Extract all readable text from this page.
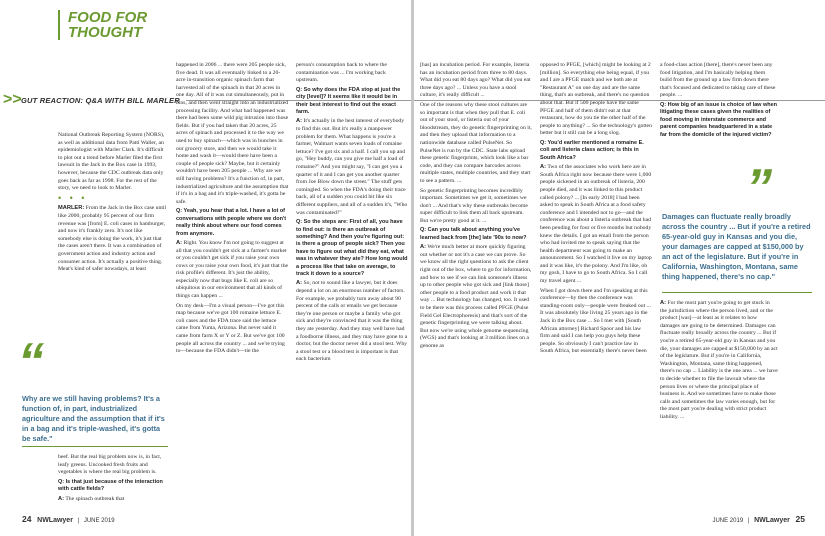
FOOD FOR
THOUGHT
>> GUT REACTION: Q&A WITH BILL MARLER

National Outbreak Reporting System (NORS), as well as additional data from Patti Waller, an epidemiologist with Marler Clark. It's difficult to plot out a trend before Marler filed the first lawsuit in the Jack in the Box case in 1993, however, because the CDC outbreak data only goes back as far as 1998. For the rest of the story, we need to look to Marler.

• • •

MARLER: From the Jack in the Box case until like 2000, probably 95 percent of our firm revenue was [from] E. coli cases in hamburger, and now it's frankly zero. It's not like somebody else is doing the work, it's just that the cases aren't there. It was a combination of government action and industry action and consumer action. It's actually a positive thing. Meat's kind of safer nowadays, at least

“
Why are we still having problems? It's a function of, in part, industrialized agriculture and the assumption that if it's in a bag and it's triple-washed, it's gotta be safe."

beef. But the real big problem now is, in fact, leafy greens. Uncooked fresh fruits and vegetables is where the real big problem is.

Q: Is that just because of the interaction with cattle fields?

A: The spinach outbreak that

happened in 2006 ... there were 205 people sick, five dead. It was all eventually linked to a 20-acre in-transition organic spinach farm that harvested all of the spinach in that 20 acres in one day. All of it was cut simultaneously, put in bins, and then went straight into an industrialized processing facility. And what had happened was there had been some wild pig intrusion into those fields. But if you had taken that 20 acres, 25 acres of spinach and processed it to the way we used to buy spinach—which was in bunches in our grocery store, and then we would take it home and wash it—would there have been a couple of people sick? Maybe, but it certainly wouldn't have been 205 people ... Why are we still having problems? It's a function of, in part, industrialized agriculture and the assumption that if it's in a bag and it's triple-washed, it's gotta be safe.

Q: Yeah, you hear that a lot. I have a lot of conversations with people where we don't really think about where our food comes from anymore.

A: Right. You know I'm not going to suggest at all that you couldn't get sick at a farmer's market or you couldn't get sick if you raise your own cows or you raise your own food, it's just that the risk profile's different. It's just the ability, especially now that bugs like E. coli are so ubiquitous in our environment that all kinds of things can happen ...

On my desk—I'm a visual person—I've got this map because we've got 100 romaine lettuce E. coli cases and the FDA trace said the lettuce came from Yuma, Arizona. But never said it came from farm X or Y or Z. But we've got 100 people all across the country ... and we're trying to—because the FDA didn't—tie the

person's consumption back to where the contamination was ... I'm working back upstream.

Q: So why does the FDA stop at just the city [level]? It seems like it would be in their best interest to find out the exact farm.

A: It's actually in the best interest of everybody to find this out. But it's really a manpower problem for them. What happens is you're a farmer, Walmart wants seven loads of romaine lettuce? I've got six and a half. I call you up and go, "Hey buddy, can you give me half a load of romaine?" And you might say, "I can get you a quarter of it and I can get you another quarter from Joe Blow down the street." The stuff gets comingled. So when the FDA's doing their trace back, all of a sudden you could hit like six different suppliers, and all of a sudden it's, "Who was contaminated?"

Q: So the steps are: First of all, you have to find out: is there an outbreak of something? And then you're figuring out: is there a group of people sick? Then you have to figure out what did they eat, what was in whatever they ate? How long would a process like that take on average, to track it down to a source?

A: So, not to sound like a lawyer, but it does depend a lot on an enormous number of factors. For example, we probably turn away about 90 percent of the calls or emails we get because they're one person or maybe a family who got sick and they're convinced that it was the thing they ate yesterday. And they may well have had a foodborne illness, and they may have gone to a doctor, but the doctor never did a stool test. Why a stool test or a blood test is important is that each bacterium

24 NWLawyer | JUNE 2019

[has] an incubation period. For example, listeria has an incubation period from three to 80 days. What did you eat 80 days ago? What did you eat three days ago? ... Unless you have a stool culture, it's really difficult ...

One of the reasons why these stool cultures are so important is that when they pull that E. coli out of your stool, or listeria out of your bloodstream, they do genetic fingerprinting on it, and then they upload that information to a nationwide database called PulseNet. So PulseNet is run by the CDC. State labs upload these genetic fingerprints, which look like a bar code, and they can compare barcodes across multiple states, multiple countries, and they start to see a pattern. ...

So genetic fingerprinting becomes incredibly important. Sometimes we get it, sometimes we don't ... And that's why these outbreaks become super difficult to link them all back upstream. But we're pretty good at it. ...

Q: Can you talk about anything you've learned back from [the] late '90s to now?

A: We're much better at more quickly figuring out whether or not it's a case we can prove. So we know all the right questions to ask the client right out of the box, where to go for information, and how to see if we can link someone's illness up to other people who got sick and [link those] other people to a food product and work it that way ... But technology has changed, too. It used to be there was this process called PFGE (Pulse Field Gel Electrophoresis) and that's sort of the genetic fingerprinting we were talking about. But now we're using whole genome sequencing (WGS) and that's looking at 3 million lines on a genome as

opposed to PFGE, [which] might be looking at 2 [million]. So everything else being equal, if you and I are a PFGE match and we both ate at "Restaurant A" on one day and are the same thing, that's an outbreak, and there's no question about that. But if 500 people have the same PFGE and half of them didn't eat at that restaurant, how do you tie the other half of the people to anything? ... So the technology's gotten better but it still can be a long slog.

Q: You'd earlier mentioned a romaine E. coli and listeria class action; is this in South Africa?

A: Two of the associates who work here are in South Africa right now because there were 1,000 people sickened in an outbreak of listeria, 200 people died, and it was linked to this product called polony? ... [In early 2018] I had been asked to speak in South Africa at a food safety conference and I intended not to go—and the conference was about a listeria outbreak that had been pending for four or five months but nobody knew the details. I got an email from the person who had invited me to speak saying that the health department was going to make an announcement. So I watched it live on my laptop and it was like, it's the polony. And I'm like, oh my gosh, I have to go to South Africa. So I call my travel agent ...

When I got down there and I'm speaking at this conference—by then the conference was standing-room only—people were freaked out ... It was absolutely like living 25 years ago in the Jack in the Box case ... So I met with [South African attorney] Richard Spoor and his law firm and said I can help you guys help these people. So obviously I can't practice law in South Africa, but essentially there's never been

a food-class action [there], there's never been any food litigation, and I'm basically helping them build from the ground up a law firm down there that's focused and dedicated to taking care of these people. ...

Q: How big of an issue is choice of law when litigating these cases given the realities of food moving in interstate commerce and parent companies headquartered in a state far from the domicile of the injured victim?

”
Damages can fluctuate really broadly across the country ... But if you're a retired 65-year-old guy in Kansas and you die, your damages are capped at $150,000 by an act of the legislature. But if you're in California, Washington, Montana, same thing happened, there's no cap."

A: For the most part you're going to get stuck in the jurisdiction where the person lived, and or the product [was]—at least as it relates to how damages are going to be determined. Damages can fluctuate really broadly across the country ... But if you're a retired 65-year-old guy in Kansas and you die, your damages are capped at $150,000 by an act of the legislature. But if you're in California, Washington, Montana, same thing happened, there's no cap ... Liability is the one area ... we have to decide whether to file the lawsuit where the person lives or where the principal place of business is. And we sometimes have to make those calls and sometimes the law varies enough, but for the most part you're dealing with strict product liability. ...

JUNE 2019 | NWLawyer 25
